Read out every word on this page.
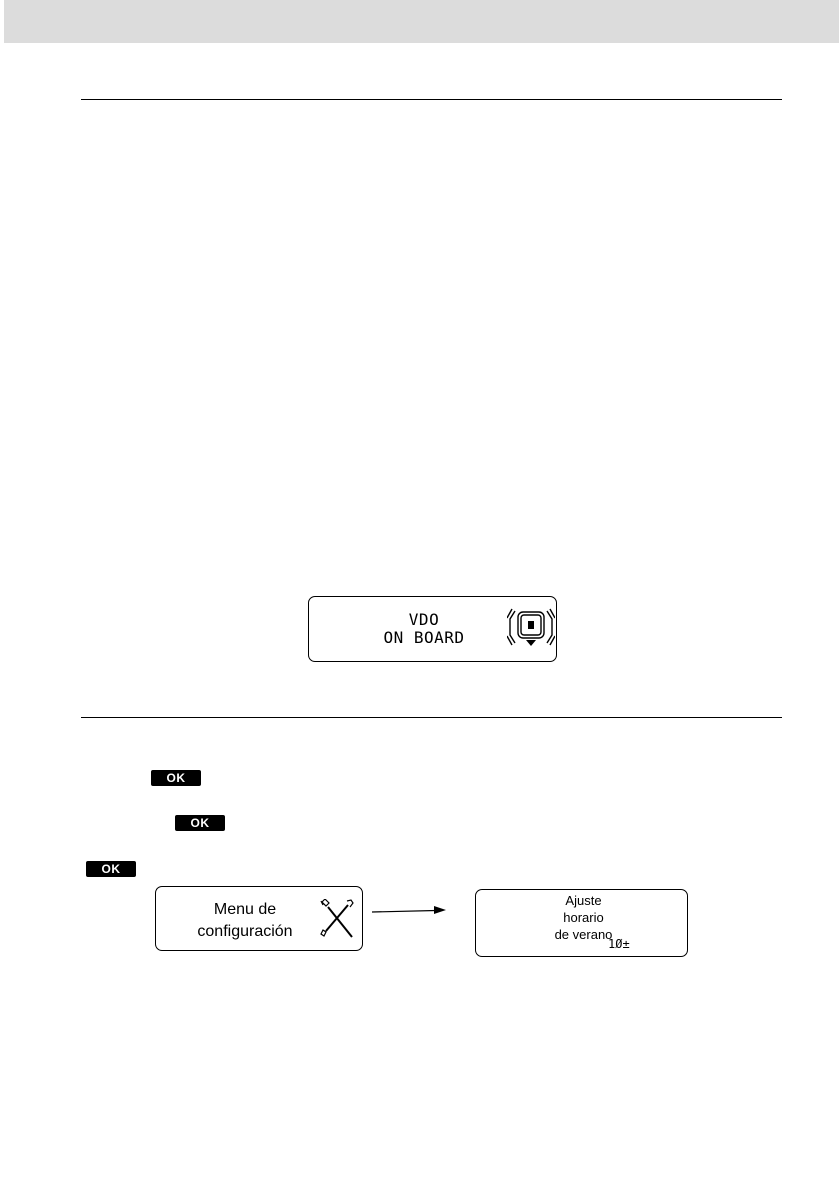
VDO
ON BOARD
OK
OK
OK
Menu de
configuración
Ajuste
horario
de verano
1Ø±
